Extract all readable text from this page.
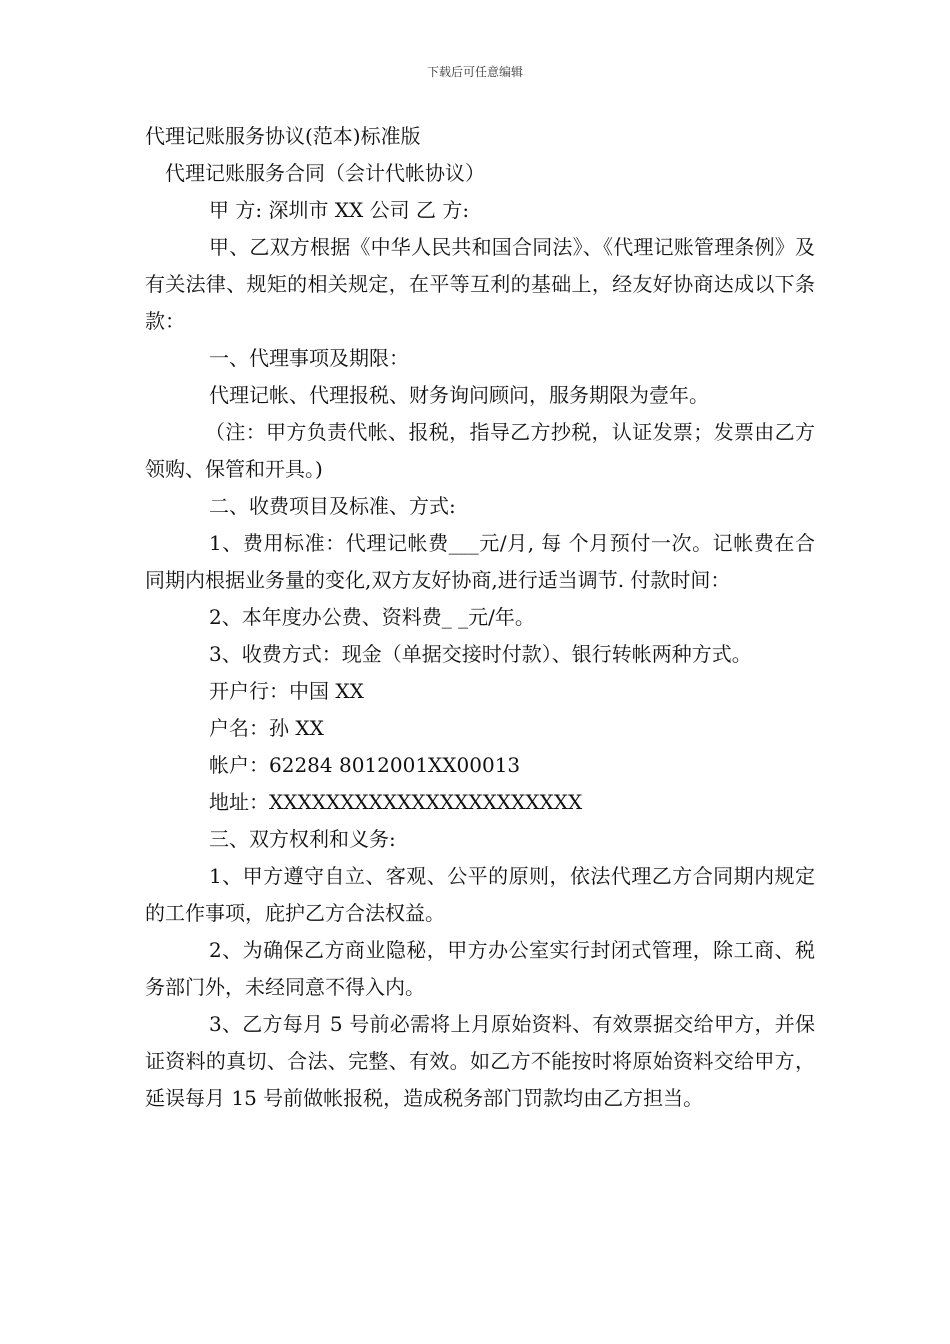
下载后可任意编辑
代理记账服务协议(范本)标准版
代理记账服务合同（会计代帐协议）
甲 方: 深圳市 XX 公司 乙 方:
甲、乙双方根据《中华人民共和国合同法》、《代理记账管理条例》及有关法律、规矩的相关规定，在平等互利的基础上，经友好协商达成以下条款：
一、代理事项及期限：
代理记帐、代理报税、财务询问顾问，服务期限为壹年。
（注：甲方负责代帐、报税，指导乙方抄税，认证发票；发票由乙方领购、保管和开具。)
二、收费项目及标准、方式:
1、费用标准：代理记帐费___元/月, 每 个月预付一次。记帐费在合同期内根据业务量的变化,双方友好协商,进行适当调节. 付款时间：
2、本年度办公费、资料费_ _元/年。
3、收费方式：现金（单据交接时付款）、银行转帐两种方式。
开户行：中国 XX
户名：孙 XX
帐户：62284 8012001XX00013
地址：XXXXXXXXXXXXXXXXXXXXXX
三、双方权利和义务:
1、甲方遵守自立、客观、公平的原则，依法代理乙方合同期内规定的工作事项，庇护乙方合法权益。
2、为确保乙方商业隐秘，甲方办公室实行封闭式管理，除工商、税务部门外，未经同意不得入内。
3、乙方每月 5 号前必需将上月原始资料、有效票据交给甲方，并保证资料的真切、合法、完整、有效。如乙方不能按时将原始资料交给甲方，延误每月 15 号前做帐报税，造成税务部门罚款均由乙方担当。
